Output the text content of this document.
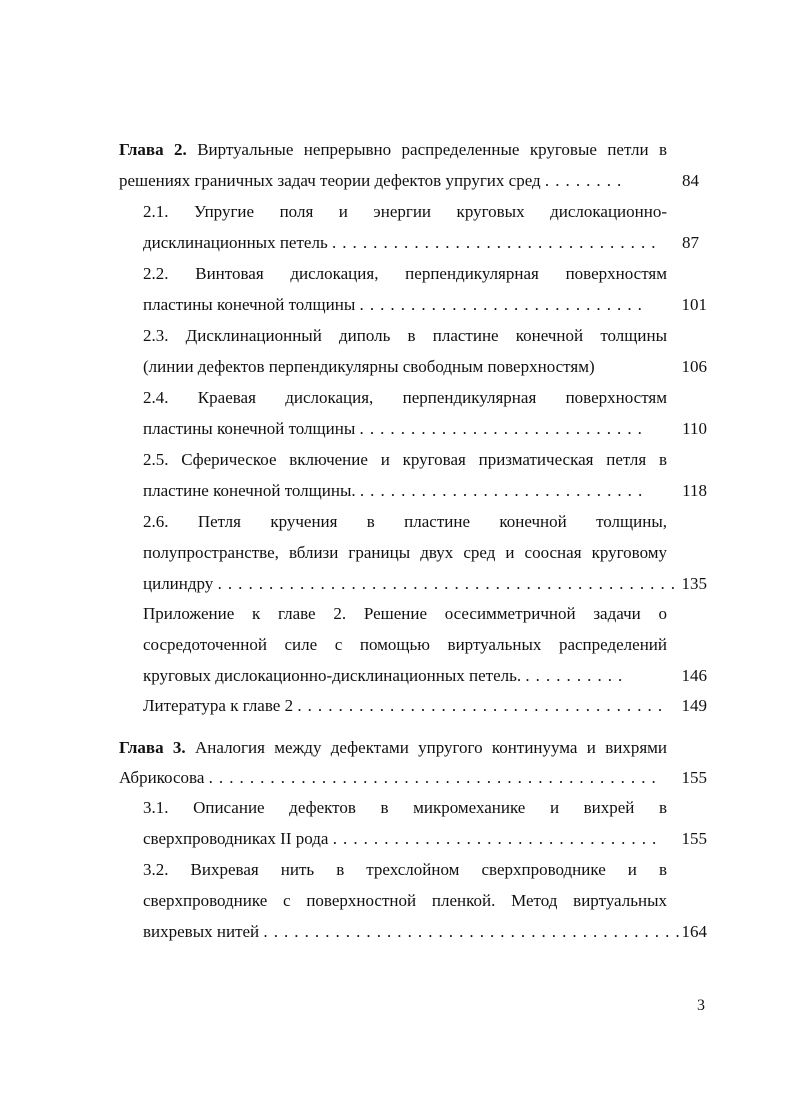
Глава 2. Виртуальные непрерывно распределенные круговые петли в
решениях граничных задач теории дефектов упругих сред . . . . . . . .	84
2.1. Упругие поля и энергии круговых дислокационно-
дисклинационных петель . . . . . . . . . . . . . . . . . . . . . . . . . . . . . . . .	87
2.2. Винтовая дислокация, перпендикулярная поверхностям
пластины конечной толщины . . . . . . . . . . . . . . . . . . . . . . . . . . . .	101
2.3. Дисклинационный диполь в пластине конечной толщины
(линии дефектов перпендикулярны свободным поверхностям)	106
2.4. Краевая дислокация, перпендикулярная поверхностям
пластины конечной толщины . . . . . . . . . . . . . . . . . . . . . . . . . . . .	110
2.5. Сферическое включение и круговая призматическая петля в
пластине конечной толщины. . . . . . . . . . . . . . . . . . . . . . . . . . . . .	118
2.6. Петля кручения в пластине конечной толщины,
полупространстве, вблизи границы двух сред и соосная круговому
цилиндру . . . . . . . . . . . . . . . . . . . . . . . . . . . . . . . . . . . . . . . . . . . . . 135
Приложение к главе 2. Решение осесимметричной задачи о
сосредоточенной силе с помощью виртуальных распределений
круговых дислокационно-дисклинационных петель. . . . . . . . . . .	146
Литература к главе 2 . . . . . . . . . . . . . . . . . . . . . . . . . . . . . . . . . . . .	149
Глава 3. Аналогия между дефектами упругого континуума и вихрями
Абрикосова . . . . . . . . . . . . . . . . . . . . . . . . . . . . . . . . . . . . . . . . . . . .	155
3.1. Описание дефектов в микромеханике и вихрей в
сверхпроводниках II рода . . . . . . . . . . . . . . . . . . . . . . . . . . . . . . . .	155
3.2. Вихревая нить в трехслойном сверхпроводнике и в
сверхпроводнике с поверхностной пленкой. Метод виртуальных
вихревых нитей . . . . . . . . . . . . . . . . . . . . . . . . . . . . . . . . . . . . . . . . . 164
3
